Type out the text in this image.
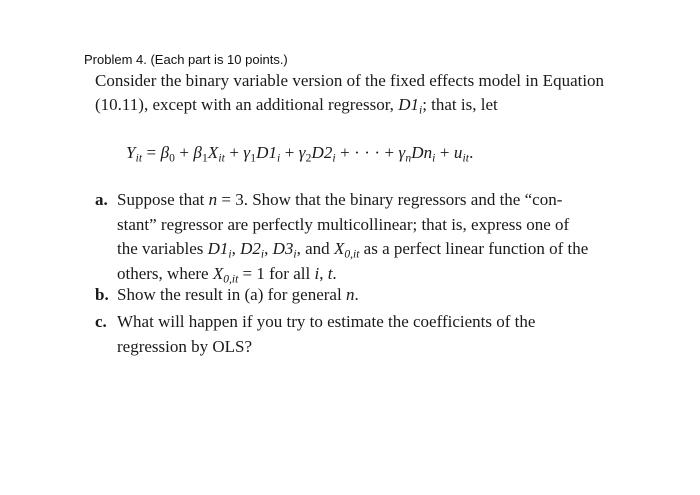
Problem 4. (Each part is 10 points.)
Consider the binary variable version of the fixed effects model in Equation
(10.11), except with an additional regressor, $D1_i$; that is, let
$Y_{it} = \beta_0 + \beta_1X_{it} + \gamma_1D1_i + \gamma_2D2_i$ + · · · + $\gamma_nDn_i + u_{it}$.
a. Suppose that n = 3. Show that the binary regressors and the “con-
stant” regressor are perfectly multicollinear; that is, express one of
the variables $D1_i$, $D2_i$, $D3_i$, and $X_{0,it}$ as a perfect linear function of the
others, where $X_{0,it} = 1$ for all i, t.
b. Show the result in (a) for general n.
c. What will happen if you try to estimate the coefficients of the
regression by OLS?
